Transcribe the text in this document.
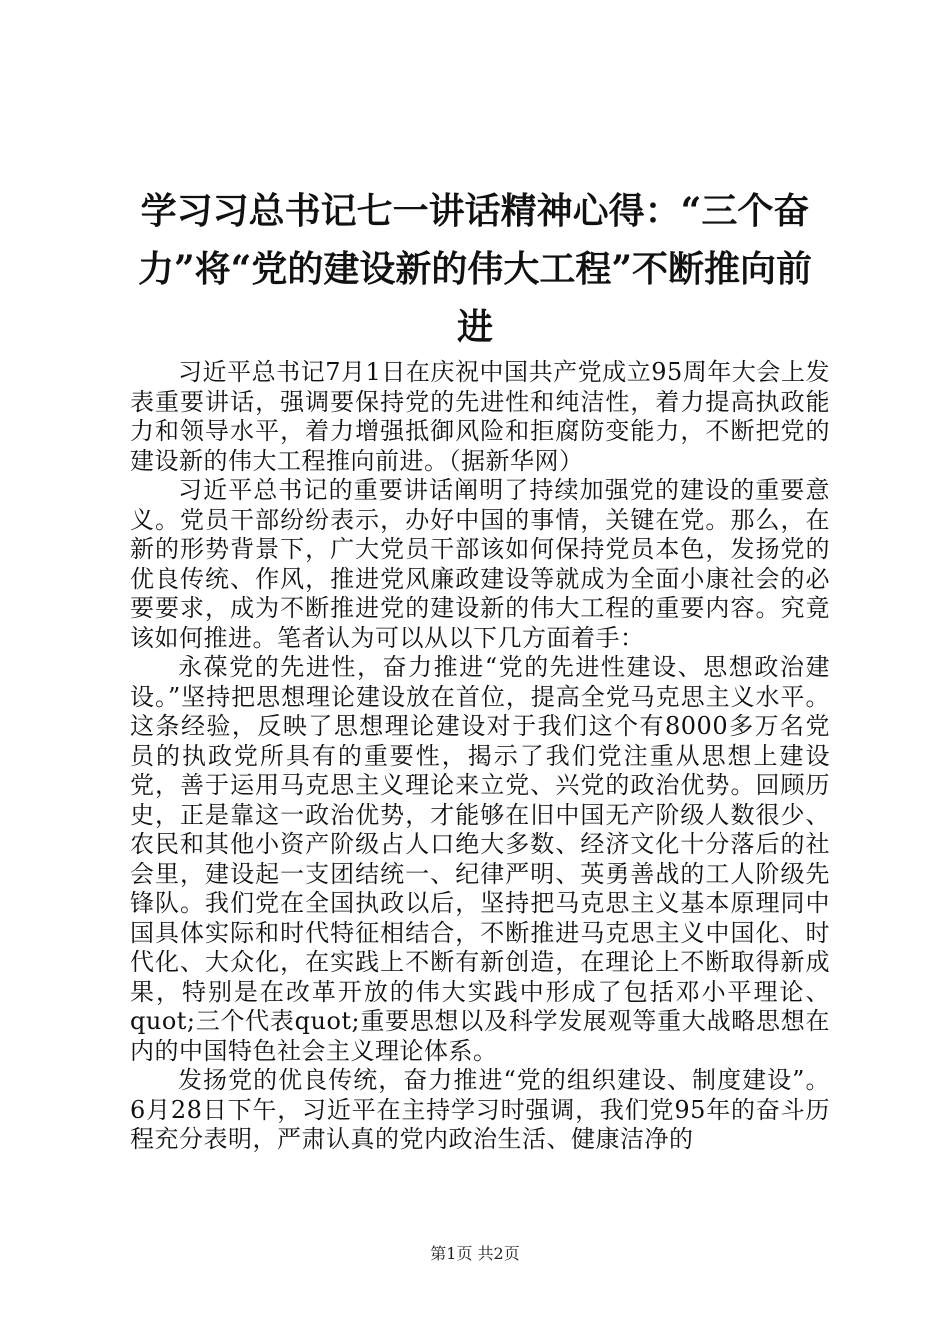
学习习总书记七一讲话精神心得：“三个奋力”将“党的建设新的伟大工程”不断推向前进

习近平总书记7月1日在庆祝中国共产党成立95周年大会上发表重要讲话，强调要保持党的先进性和纯洁性，着力提高执政能力和领导水平，着力增强抵御风险和拒腐防变能力，不断把党的建设新的伟大工程推向前进。（据新华网）

习近平总书记的重要讲话阐明了持续加强党的建设的重要意义。党员干部纷纷表示，办好中国的事情，关键在党。那么，在新的形势背景下，广大党员干部该如何保持党员本色，发扬党的优良传统、作风，推进党风廉政建设等就成为全面小康社会的必要要求，成为不断推进党的建设新的伟大工程的重要内容。究竟该如何推进。笔者认为可以从以下几方面着手：

永葆党的先进性，奋力推进“党的先进性建设、思想政治建设。”坚持把思想理论建设放在首位，提高全党马克思主义水平。这条经验，反映了思想理论建设对于我们这个有8000多万名党员的执政党所具有的重要性，揭示了我们党注重从思想上建设党，善于运用马克思主义理论来立党、兴党的政治优势。回顾历史，正是靠这一政治优势，才能够在旧中国无产阶级人数很少、农民和其他小资产阶级占人口绝大多数、经济文化十分落后的社会里，建设起一支团结统一、纪律严明、英勇善战的工人阶级先锋队。我们党在全国执政以后，坚持把马克思主义基本原理同中国具体实际和时代特征相结合，不断推进马克思主义中国化、时代化、大众化，在实践上不断有新创造，在理论上不断取得新成果，特别是在改革开放的伟大实践中形成了包括邓小平理论、quot;三个代表quot;重要思想以及科学发展观等重大战略思想在内的中国特色社会主义理论体系。

发扬党的优良传统，奋力推进“党的组织建设、制度建设”。6月28日下午，习近平在主持学习时强调，我们党95年的奋斗历程充分表明，严肃认真的党内政治生活、健康洁净的

第1页 共2页
